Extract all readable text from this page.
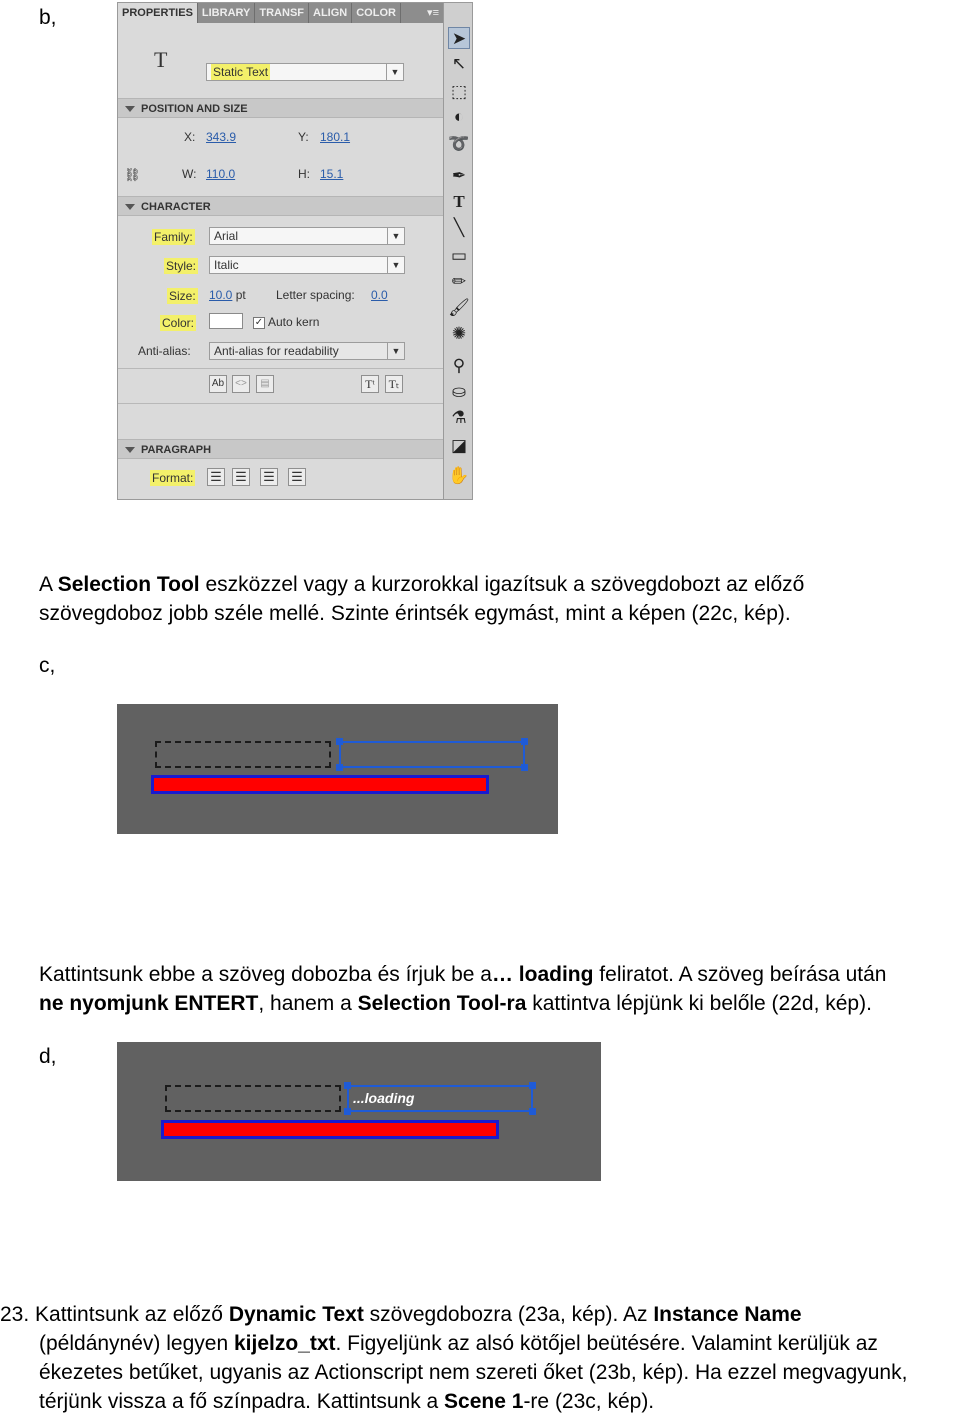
b,	PROPERTIES LIBRARY TRANSF ALIGN COLOR	▾≡
T	Static Text	▼
POSITION AND SIZE
X: 343.9	Y: 180.1
⛓	W: 110.0	H: 15.1
CHARACTER
Family:	Arial	▼
Style:	Italic	▼
Size: 10.0 pt	Letter spacing: 0.0
Color:	✓ Auto kern
Anti-alias:	Anti-alias for readability	▼
Ab	<>	▤	Tᵗ	Tₜ
PARAGRAPH
Format: ☰ ☰ ☰ ☰
➤
↖
⬚
◐
➰
✒
T
╲
▭
✏
🖌
✺
⚲
⛀
⚗
◪
✋
A Selection Tool eszközzel vagy a kurzorokkal igazítsuk a szövegdobozt az előző
szövegdoboz jobb széle mellé. Szinte érintsék egymást, mint a képen (22c, kép).
c,
Kattintsunk ebbe a szöveg dobozba és írjuk be a… loading feliratot. A szöveg beírása után
ne nyomjunk ENTERT, hanem a Selection Tool-ra kattintva lépjünk ki belőle (22d, kép).
d,
...loading
23. Kattintsunk az előző Dynamic Text szövegdobozra (23a, kép). Az Instance Name
(példánynév) legyen kijelzo_txt. Figyeljünk az alsó kötőjel beütésére. Valamint kerüljük az
ékezetes betűket, ugyanis az Actionscript nem szereti őket (23b, kép). Ha ezzel megvagyunk,
térjünk vissza a fő színpadra. Kattintsunk a Scene 1-re (23c, kép).
